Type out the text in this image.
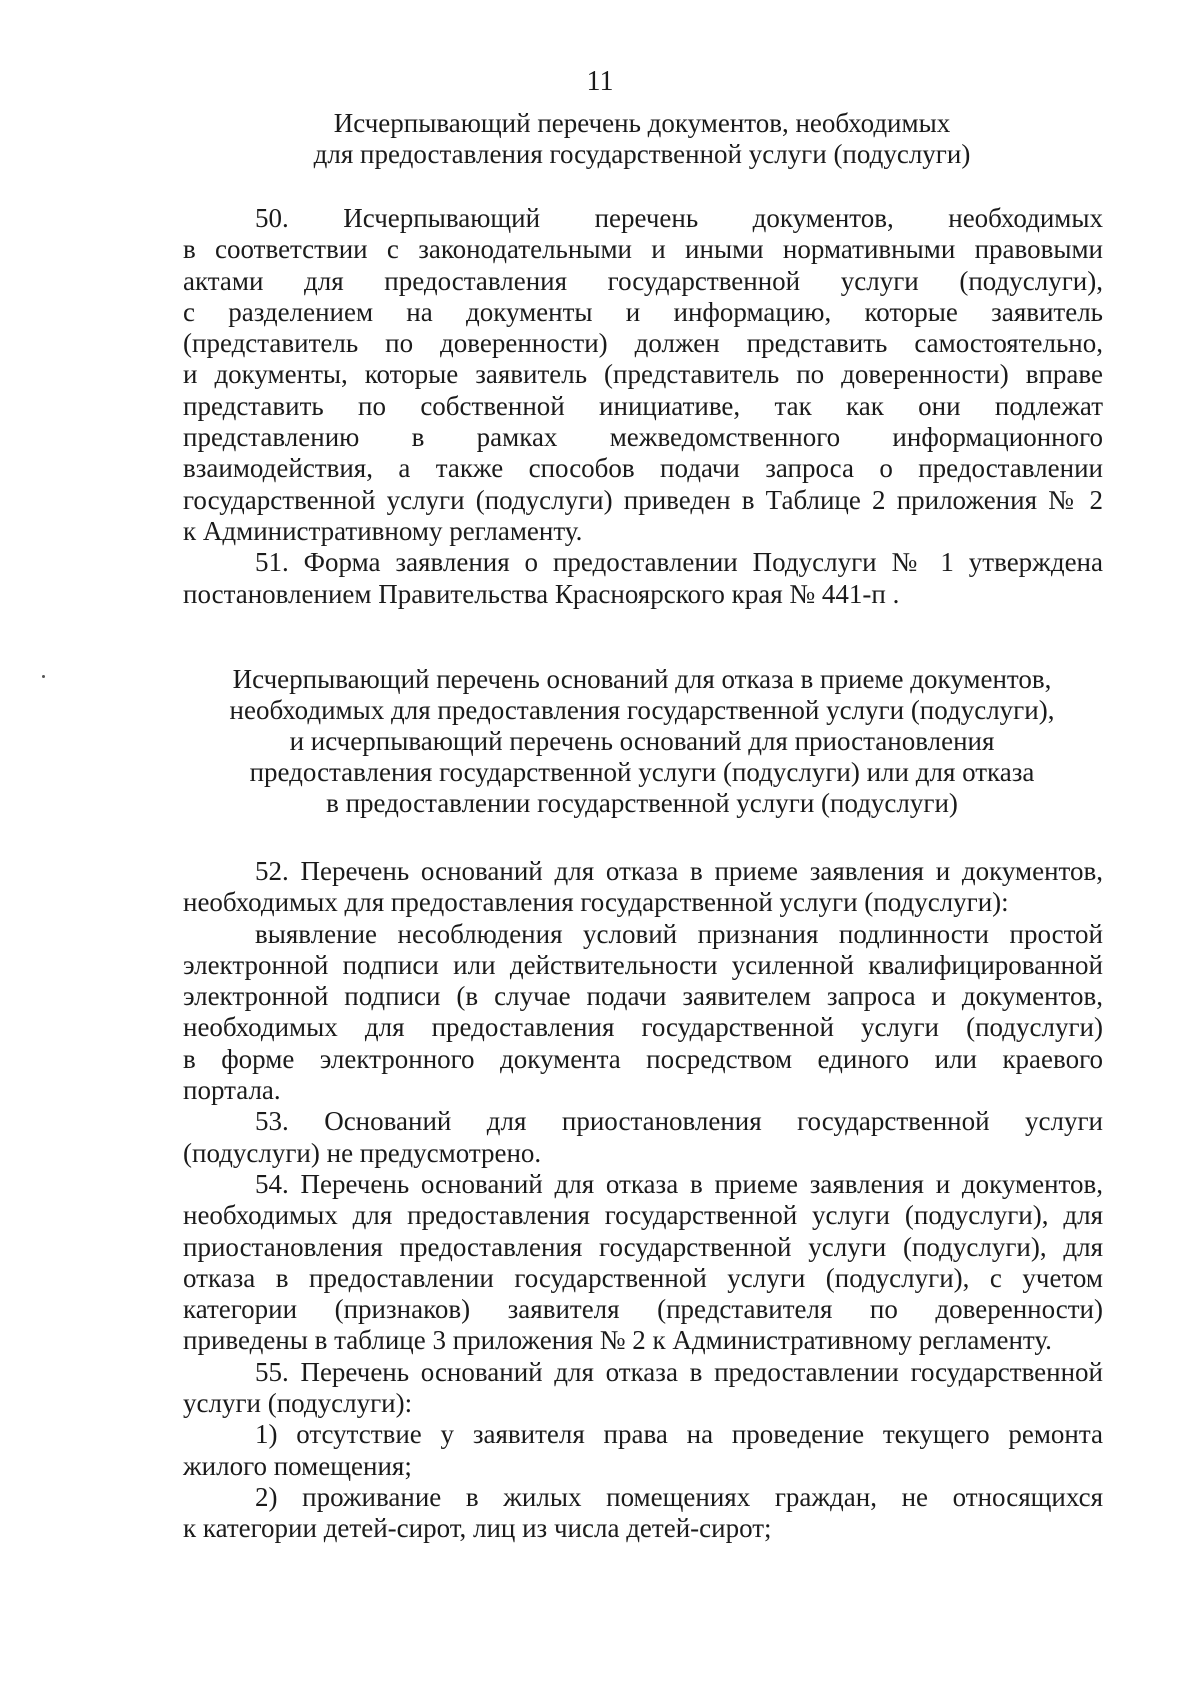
11
Исчерпывающий перечень документов, необходимых
для предоставления государственной услуги (подуслуги)
50. Исчерпывающий перечень документов, необходимых
в соответствии с законодательными и иными нормативными правовыми
актами для предоставления государственной услуги (подуслуги),
с разделением на документы и информацию, которые заявитель
(представитель по доверенности) должен представить самостоятельно,
и документы, которые заявитель (представитель по доверенности) вправе
представить по собственной инициативе, так как они подлежат
представлению в рамках межведомственного информационного
взаимодействия, а также способов подачи запроса о предоставлении
государственной услуги (подуслуги) приведен в Таблице 2 приложения № 2
к Административному регламенту.
51. Форма заявления о предоставлении Подуслуги № 1 утверждена
постановлением Правительства Красноярского края № 441-п .
Исчерпывающий перечень оснований для отказа в приеме документов,
необходимых для предоставления государственной услуги (подуслуги),
и исчерпывающий перечень оснований для приостановления
предоставления государственной услуги (подуслуги) или для отказа
в предоставлении государственной услуги (подуслуги)
52. Перечень оснований для отказа в приеме заявления и документов,
необходимых для предоставления государственной услуги (подуслуги):
выявление несоблюдения условий признания подлинности простой
электронной подписи или действительности усиленной квалифицированной
электронной подписи (в случае подачи заявителем запроса и документов,
необходимых для предоставления государственной услуги (подуслуги)
в форме электронного документа посредством единого или краевого
портала.
53. Оснований для приостановления государственной услуги
(подуслуги) не предусмотрено.
54. Перечень оснований для отказа в приеме заявления и документов,
необходимых для предоставления государственной услуги (подуслуги), для
приостановления предоставления государственной услуги (подуслуги), для
отказа в предоставлении государственной услуги (подуслуги), с учетом
категории (признаков) заявителя (представителя по доверенности)
приведены в таблице 3 приложения № 2 к Административному регламенту.
55. Перечень оснований для отказа в предоставлении государственной
услуги (подуслуги):
1) отсутствие у заявителя права на проведение текущего ремонта
жилого помещения;
2) проживание в жилых помещениях граждан, не относящихся
к категории детей-сирот, лиц из числа детей-сирот;
